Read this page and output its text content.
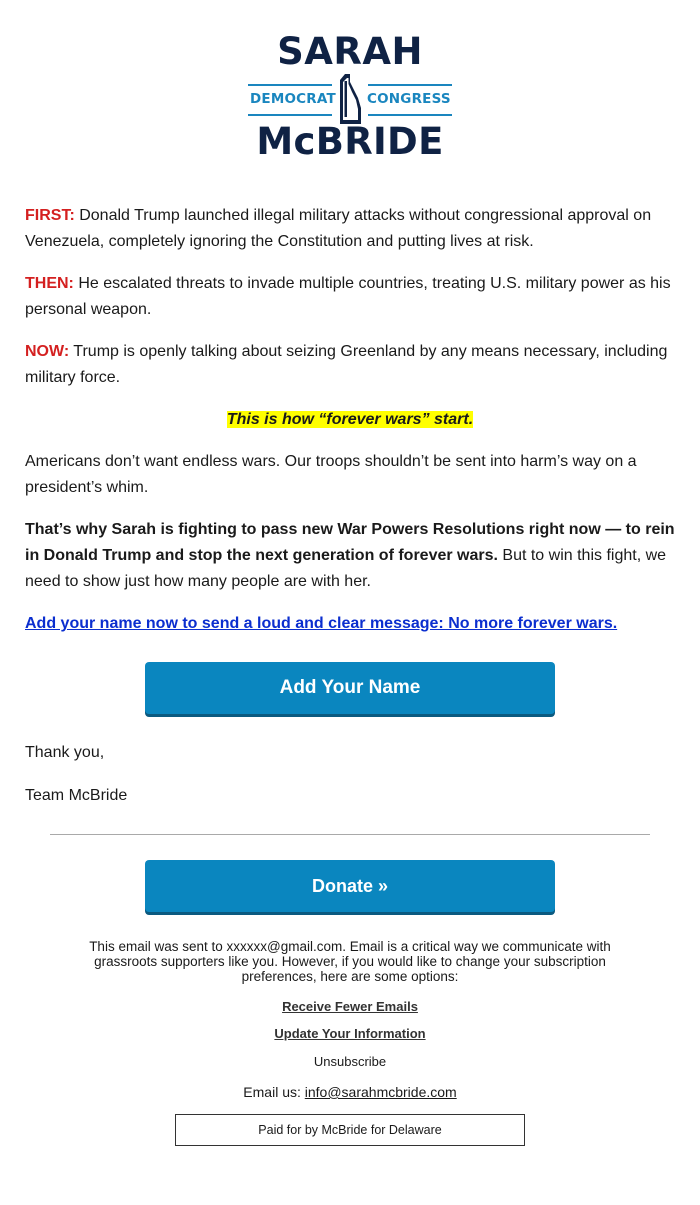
SARAH
DEMOCRAT CONGRESS
McBRIDE

FIRST: Donald Trump launched illegal military attacks without congressional approval on Venezuela, completely ignoring the Constitution and putting lives at risk.

THEN: He escalated threats to invade multiple countries, treating U.S. military power as his personal weapon.

NOW: Trump is openly talking about seizing Greenland by any means necessary, including military force.

This is how “forever wars” start.

Americans don’t want endless wars. Our troops shouldn’t be sent into harm’s way on a president’s whim.

That’s why Sarah is fighting to pass new War Powers Resolutions right now — to rein in Donald Trump and stop the next generation of forever wars. But to win this fight, we need to show just how many people are with her.

Add your name now to send a loud and clear message: No more forever wars.

Add Your Name
Thank you,
Team McBride
Donate »
This email was sent to xxxxxx@gmail.com. Email is a critical way we communicate with grassroots supporters like you. However, if you would like to change your subscription preferences, here are some options:
Receive Fewer Emails
Update Your Information
Unsubscribe
Email us: info@sarahmcbride.com
Paid for by McBride for Delaware
